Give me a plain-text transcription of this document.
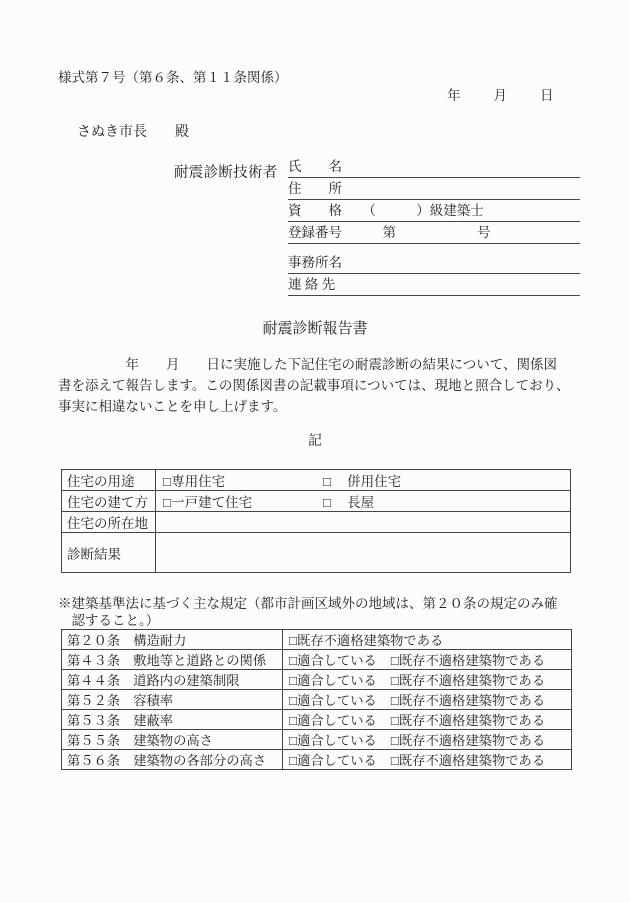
様式第７号（第６条、第１１条関係）
年 月 日
さぬき市長　　殿
耐震診断技術者 氏　　名
住　　所
資　　格　　（　　　）級建築士
登録番号　　　第　　　　　　号
事務所名
連 絡 先
耐震診断報告書
　　　　　年　　月　　日に実施した下記住宅の耐震診断の結果について、関係図
書を添えて報告します。この関係図書の記載事項については、現地と照合しており、
事実に相違ないことを申し上げます。
記
住宅の用途	□専用住宅 □ 併用住宅
住宅の建て方	□一戸建て住宅 □ 長屋
住宅の所在地	
診断結果	
※建築基準法に基づく主な規定（都市計画区域外の地域は、第２０条の規定のみ確
　認すること。）
第２０条 構造耐力	□既存不適格建築物である
第４３条 敷地等と道路との関係	□適合している □既存不適格建築物である
第４４条 道路内の建築制限	□適合している □既存不適格建築物である
第５２条 容積率	□適合している □既存不適格建築物である
第５３条 建蔽率	□適合している □既存不適格建築物である
第５５条 建築物の高さ	□適合している □既存不適格建築物である
第５６条 建築物の各部分の高さ	□適合している □既存不適格建築物である
